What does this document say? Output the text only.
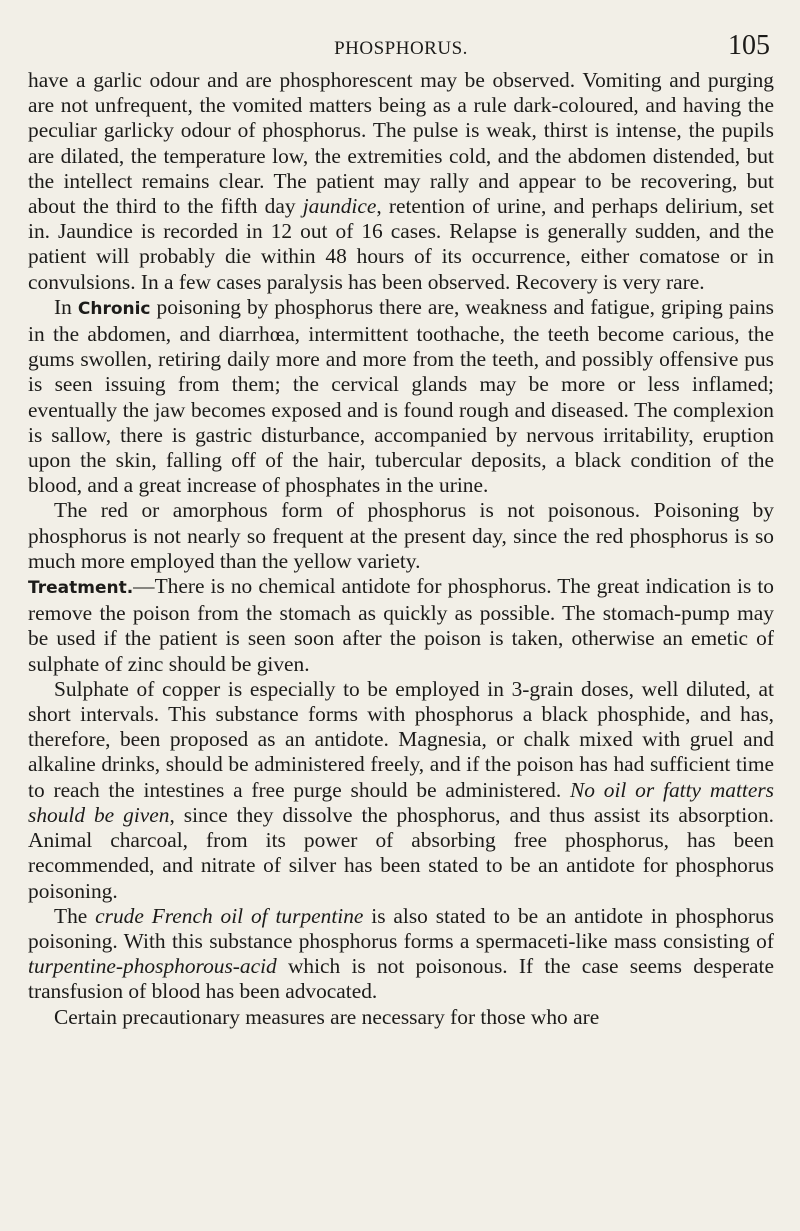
PHOSPHORUS.	105

have a garlic odour and are phosphorescent may be observed. Vomiting and purging are not unfrequent, the vomited matters being as a rule dark-coloured, and having the peculiar garlicky odour of phosphorus. The pulse is weak, thirst is intense, the pupils are dilated, the temperature low, the extremities cold, and the abdomen distended, but the intellect remains clear. The patient may rally and appear to be recovering, but about the third to the fifth day jaundice, retention of urine, and perhaps delirium, set in. Jaundice is recorded in 12 out of 16 cases. Relapse is generally sudden, and the patient will probably die within 48 hours of its occurrence, either comatose or in convulsions. In a few cases paralysis has been observed. Recovery is very rare.

In Chronic poisoning by phosphorus there are, weakness and fatigue, griping pains in the abdomen, and diarrhœa, intermittent toothache, the teeth become carious, the gums swollen, retiring daily more and more from the teeth, and possibly offensive pus is seen issuing from them; the cervical glands may be more or less inflamed; eventually the jaw becomes exposed and is found rough and diseased. The complexion is sallow, there is gastric disturbance, accompanied by nervous irritability, eruption upon the skin, falling off of the hair, tubercular deposits, a black condition of the blood, and a great increase of phosphates in the urine.

The red or amorphous form of phosphorus is not poisonous. Poisoning by phosphorus is not nearly so frequent at the present day, since the red phosphorus is so much more employed than the yellow variety.

Treatment.—There is no chemical antidote for phosphorus. The great indication is to remove the poison from the stomach as quickly as possible. The stomach-pump may be used if the patient is seen soon after the poison is taken, otherwise an emetic of sulphate of zinc should be given.

Sulphate of copper is especially to be employed in 3-grain doses, well diluted, at short intervals. This substance forms with phosphorus a black phosphide, and has, therefore, been proposed as an antidote. Magnesia, or chalk mixed with gruel and alkaline drinks, should be administered freely, and if the poison has had sufficient time to reach the intestines a free purge should be administered. No oil or fatty matters should be given, since they dissolve the phosphorus, and thus assist its absorption. Animal charcoal, from its power of absorbing free phosphorus, has been recommended, and nitrate of silver has been stated to be an antidote for phosphorus poisoning.

The crude French oil of turpentine is also stated to be an antidote in phosphorus poisoning. With this substance phosphorus forms a spermaceti-like mass consisting of turpentine-phosphorous-acid which is not poisonous. If the case seems desperate transfusion of blood has been advocated.

Certain precautionary measures are necessary for those who are
